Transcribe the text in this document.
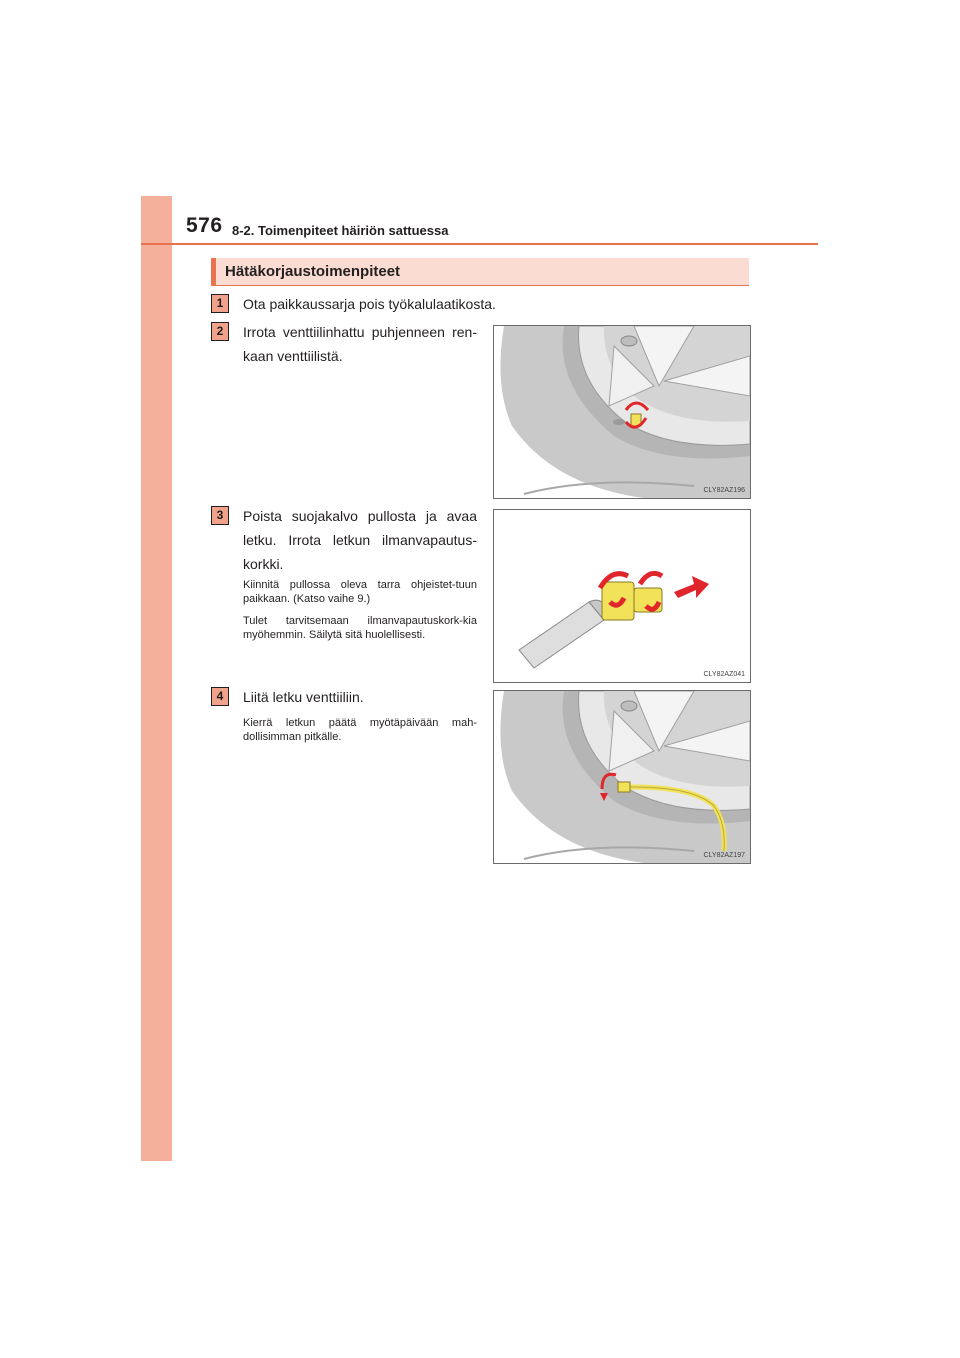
576 8-2. Toimenpiteet häiriön sattuessa
Hätäkorjaustoimenpiteet
1	Ota paikkaussarja pois työkalulaatikosta.
2	Irrota venttiilinhattu puhjenneen ren-kaan venttiilistä.
CLY82AZ196
3	Poista suojakalvo pullosta ja avaa letku. Irrota letkun ilmanvapautus-korkki.
Kiinnitä pullossa oleva tarra ohjeistet-tuun paikkaan. (Katso vaihe 9.)
Tulet tarvitsemaan ilmanvapautuskork-kia myöhemmin. Säilytä sitä huolellisesti.
CLY82AZ041
4	Liitä letku venttiiliin.
Kierrä letkun päätä myötäpäivään mah-dollisimman pitkälle.
CLY82AZ197
